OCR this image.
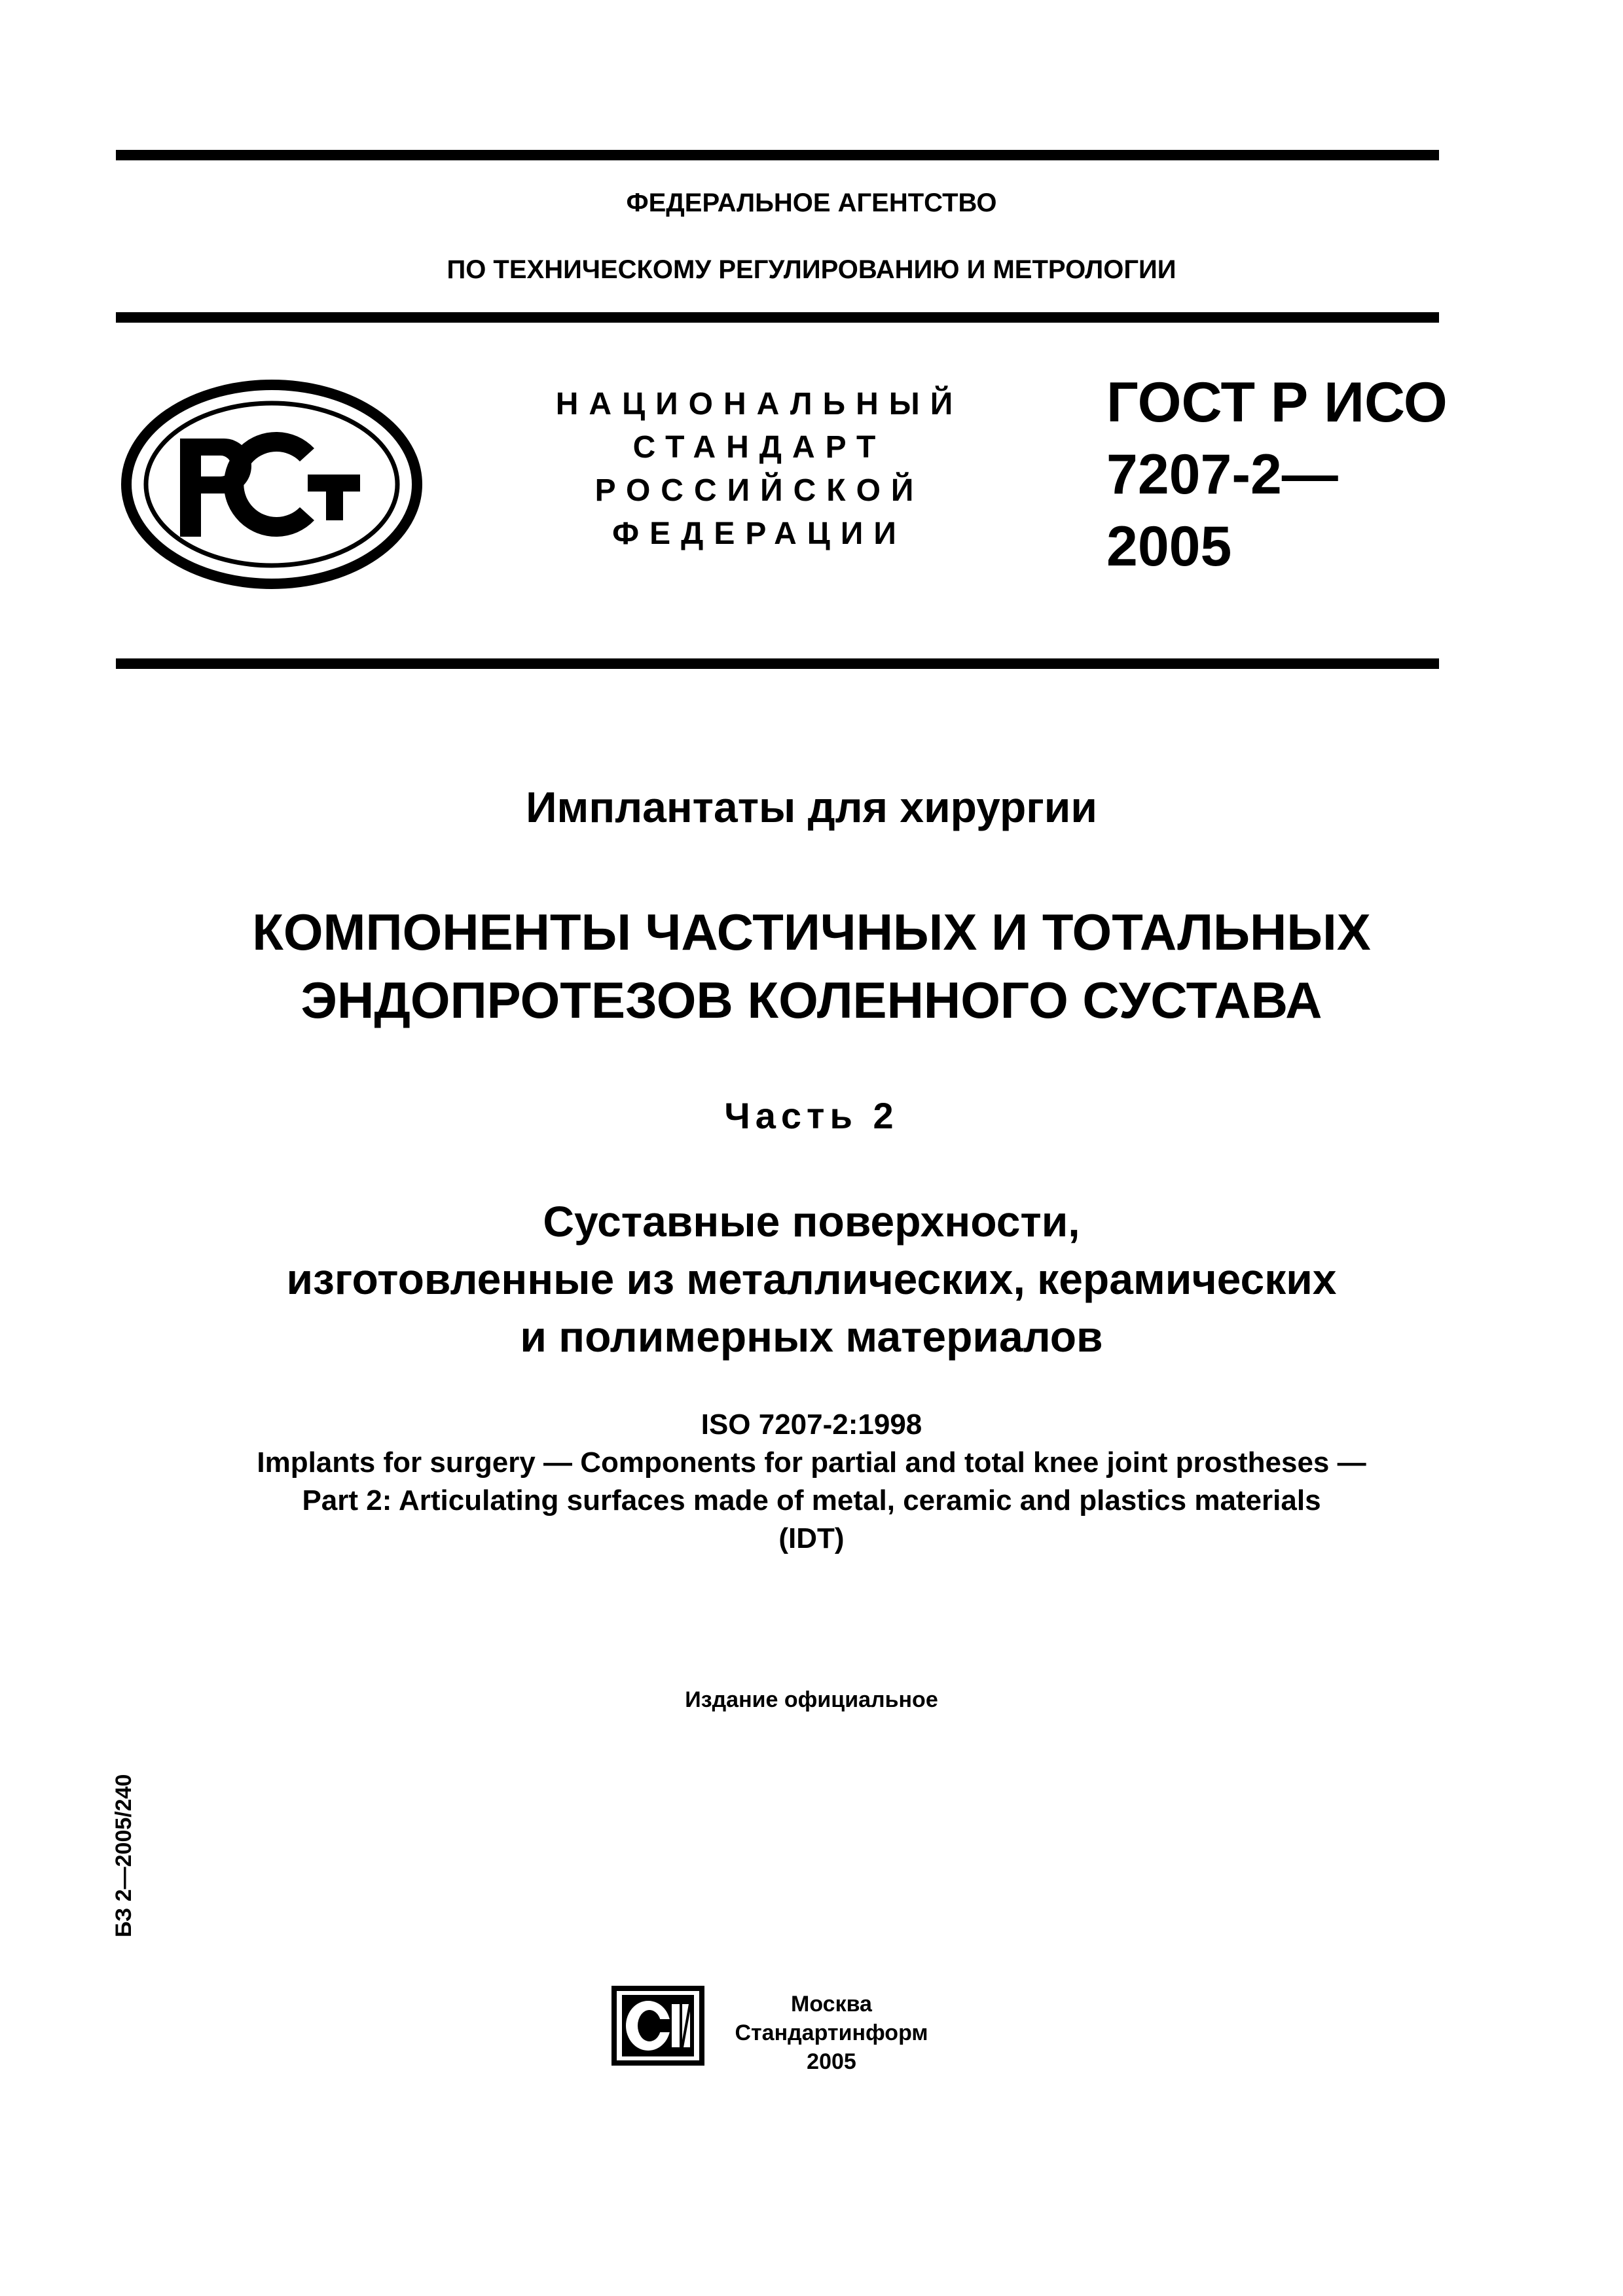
ФЕДЕРАЛЬНОЕ АГЕНТСТВО
ПО ТЕХНИЧЕСКОМУ РЕГУЛИРОВАНИЮ И МЕТРОЛОГИИ
НАЦИОНАЛЬНЫЙ
СТАНДАРТ
РОССИЙСКОЙ
ФЕДЕРАЦИИ
ГОСТ Р ИСО
7207-2—
2005
Имплантаты для хирургии
КОМПОНЕНТЫ ЧАСТИЧНЫХ И ТОТАЛЬНЫХ
ЭНДОПРОТЕЗОВ КОЛЕННОГО СУСТАВА
Часть 2
Суставные поверхности,
изготовленные из металлических, керамических
и полимерных материалов
ISO 7207-2:1998
Implants for surgery — Components for partial and total knee joint prostheses —
Part 2: Articulating surfaces made of metal, ceramic and plastics materials
(IDT)
Издание официальное
БЗ 2—2005/240
Москва
Стандартинформ
2005
